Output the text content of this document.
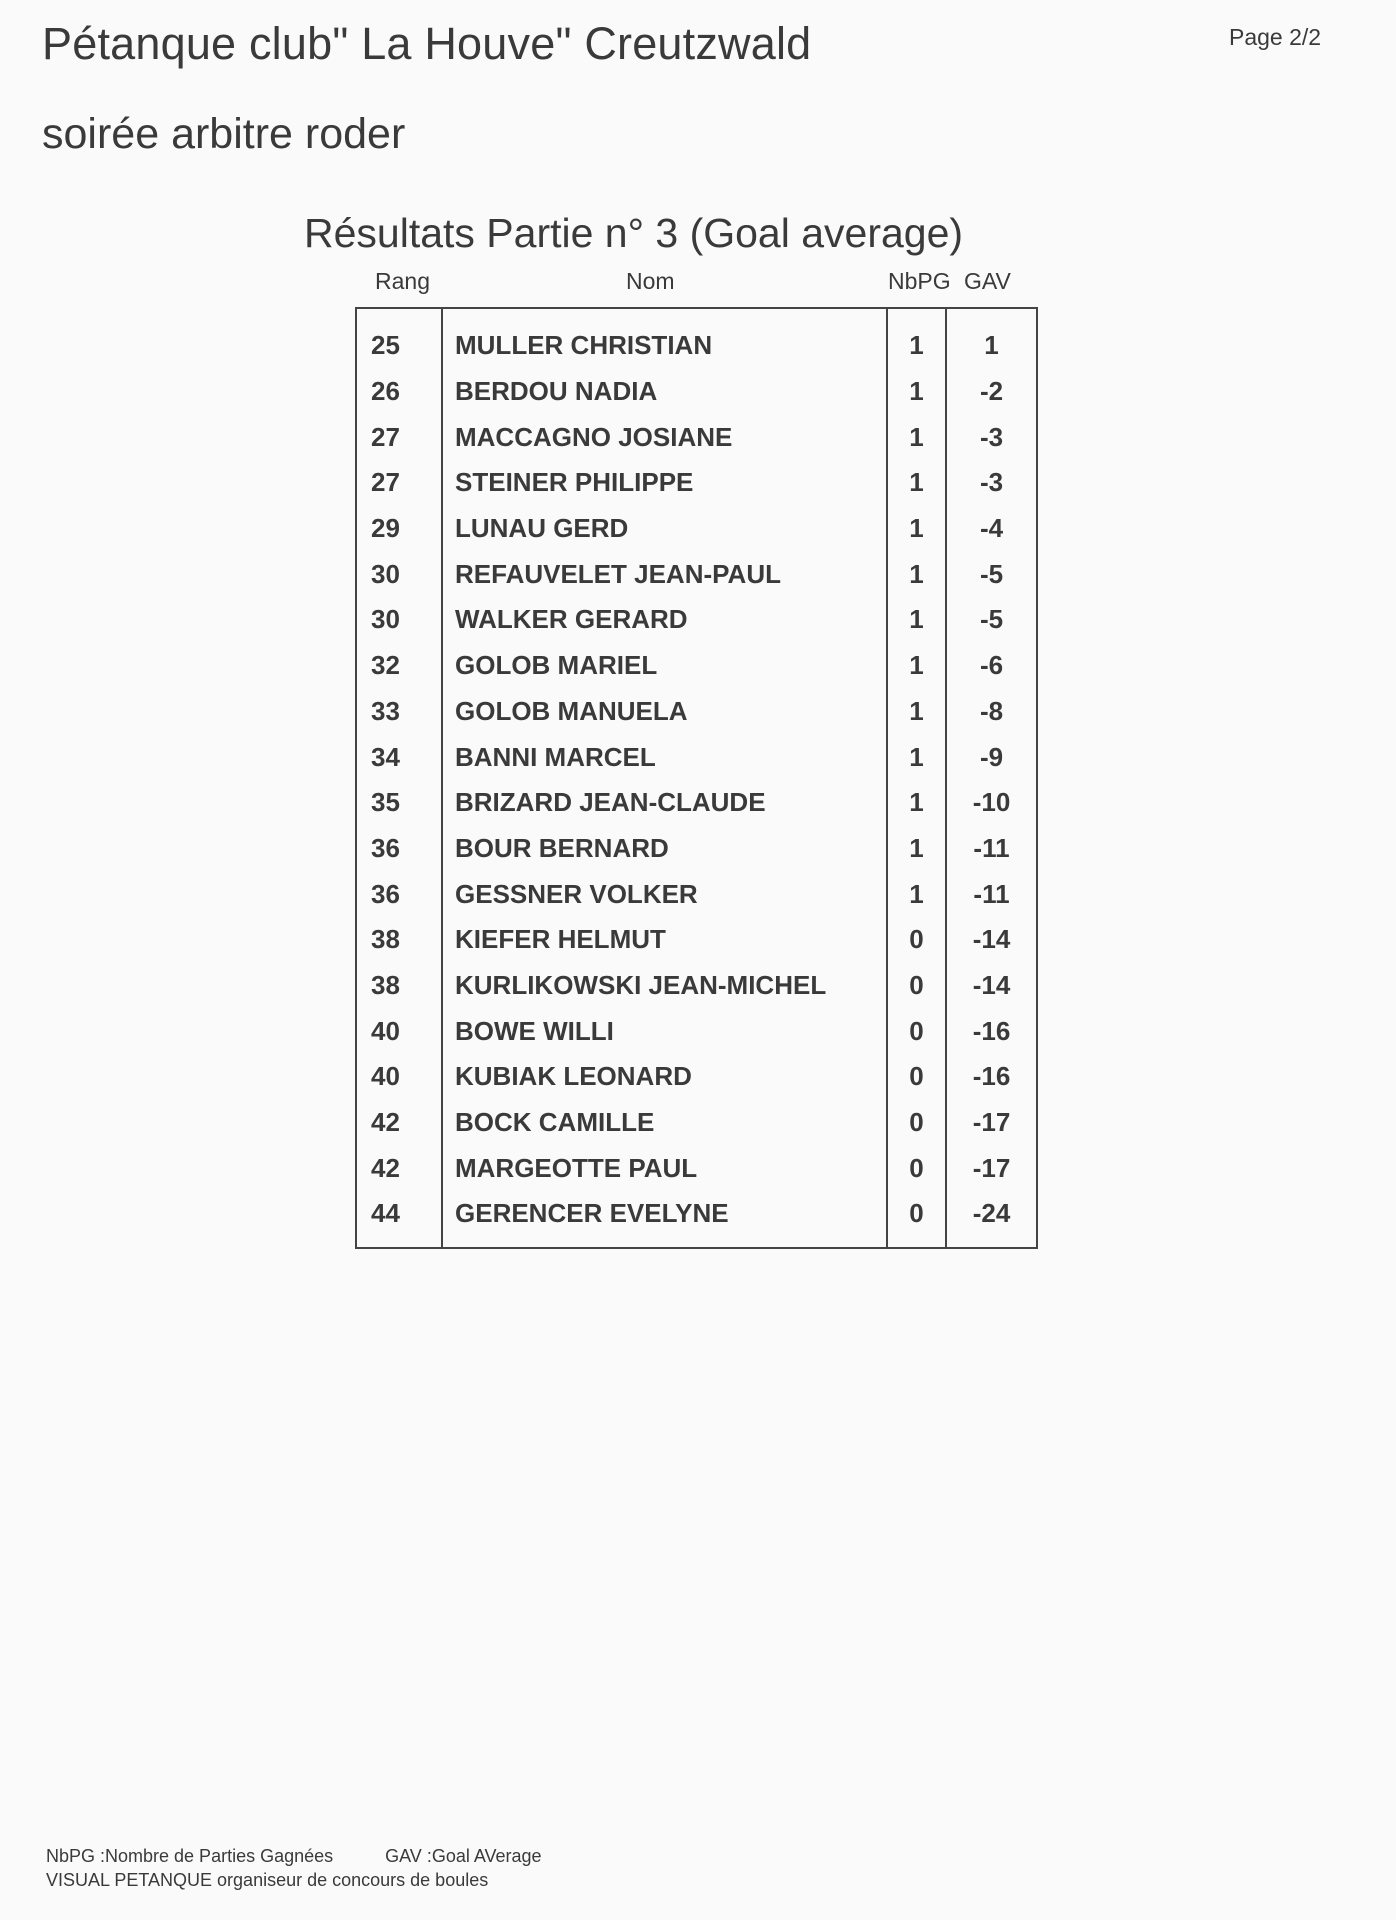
Pétanque club" La Houve" Creutzwald	Page 2/2
soirée arbitre roder
Résultats Partie n° 3 (Goal average)
Rang	Nom	NbPG GAV
25	MULLER CHRISTIAN	1	1
26	BERDOU NADIA	1	-2
27	MACCAGNO JOSIANE	1	-3
27	STEINER PHILIPPE	1	-3
29	LUNAU GERD	1	-4
30	REFAUVELET JEAN-PAUL	1	-5
30	WALKER GERARD	1	-5
32	GOLOB MARIEL	1	-6
33	GOLOB MANUELA	1	-8
34	BANNI MARCEL	1	-9
35	BRIZARD JEAN-CLAUDE	1	-10
36	BOUR BERNARD	1	-11
36	GESSNER VOLKER	1	-11
38	KIEFER HELMUT	0	-14
38	KURLIKOWSKI JEAN-MICHEL	0	-14
40	BOWE WILLI	0	-16
40	KUBIAK LEONARD	0	-16
42	BOCK CAMILLE	0	-17
42	MARGEOTTE PAUL	0	-17
44	GERENCER EVELYNE	0	-24
NbPG :Nombre de Parties Gagnées	GAV :Goal AVerage
VISUAL PETANQUE organiseur de concours de boules
